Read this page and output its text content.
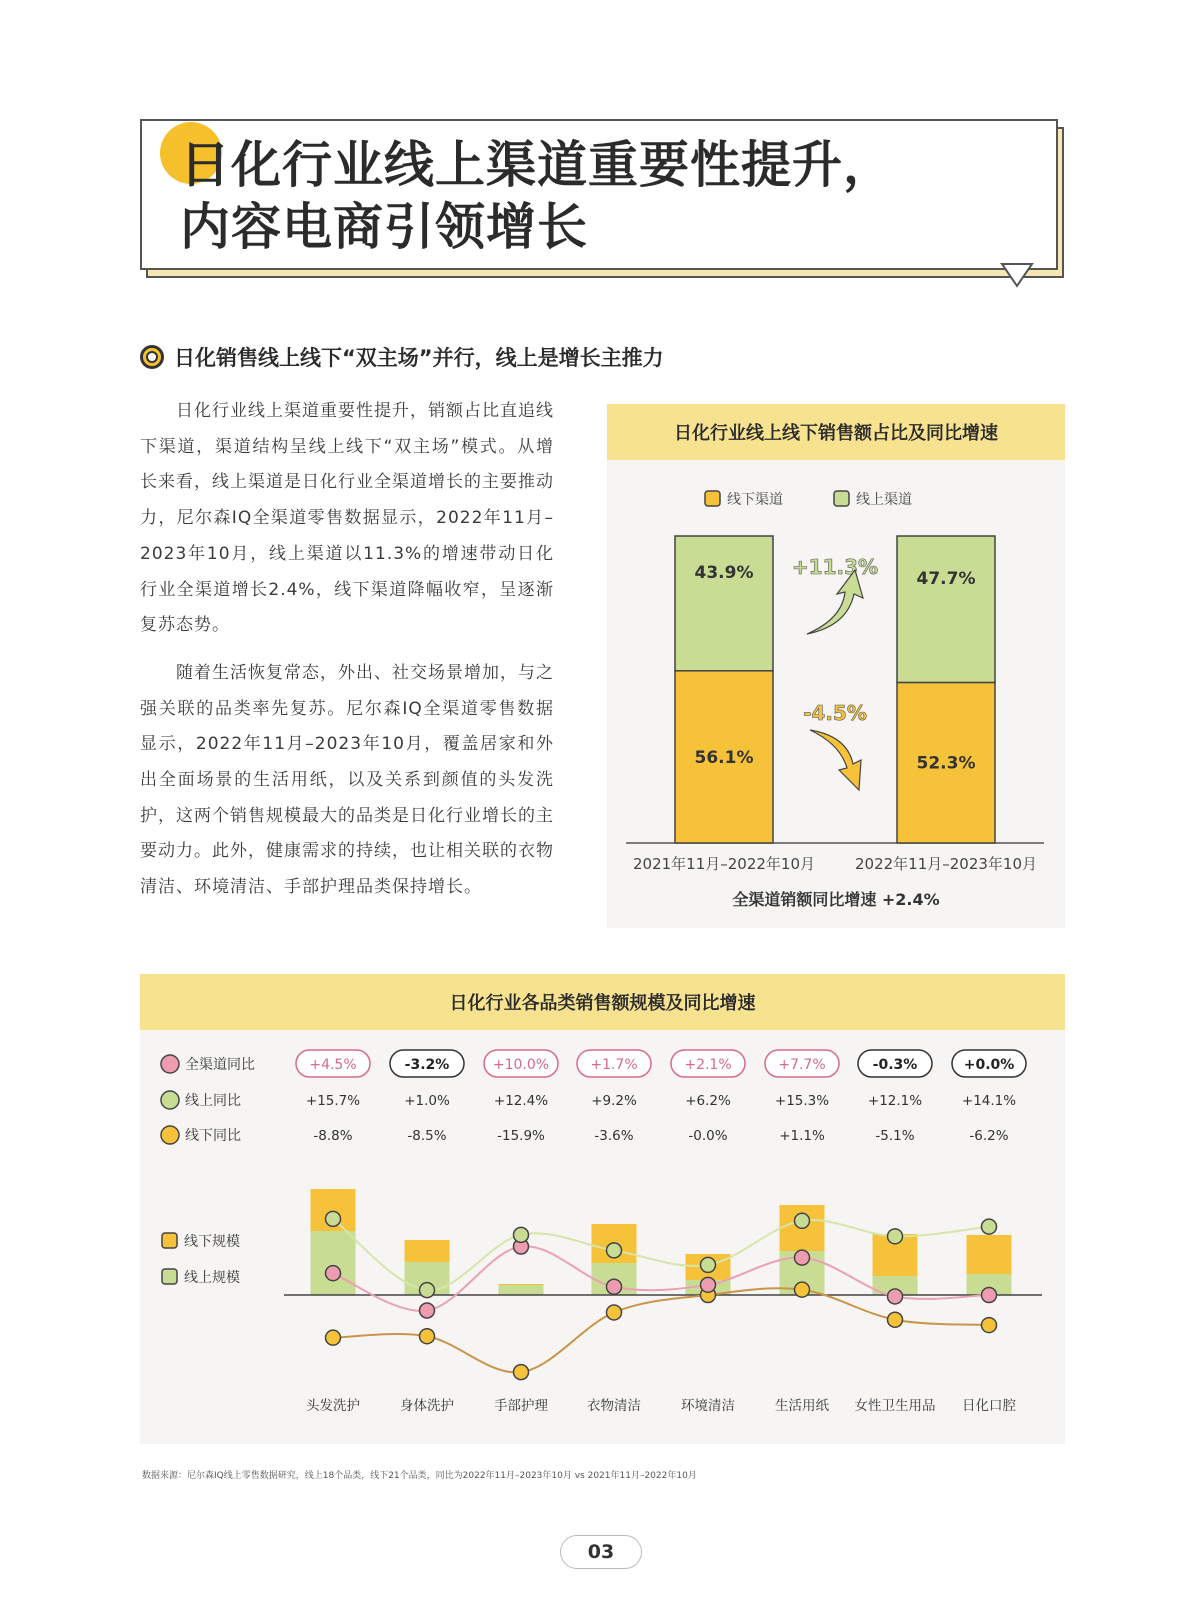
日化行业线上渠道重要性提升，
内容电商引领增长
日化销售线上线下“双主场”并行，线上是增长主推力

日化行业线上渠道重要性提升，销额占比直追线下渠道，渠道结构呈线上线下“双主场”模式。从增长来看，线上渠道是日化行业全渠道增长的主要推动力，尼尔森IQ全渠道零售数据显示，2022年11月–2023年10月，线上渠道以11.3%的增速带动日化行业全渠道增长2.4%，线下渠道降幅收窄，呈逐渐复苏态势。

随着生活恢复常态，外出、社交场景增加，与之强关联的品类率先复苏。尼尔森IQ全渠道零售数据显示，2022年11月–2023年10月，覆盖居家和外出全面场景的生活用纸，以及关系到颜值的头发洗护，这两个销售规模最大的品类是日化行业增长的主要动力。此外，健康需求的持续，也让相关联的衣物清洁、环境清洁、手部护理品类保持增长。

日化行业线上线下销售额占比及同比增速
线下渠道	线上渠道
56.1%
43.9%
2021年11月–2022年10月
52.3%
47.7%
2022年11月–2023年10月
+11.3%
-4.5%
全渠道销额同比增速 +2.4%
日化行业各品类销售额规模及同比增速
全渠道同比	+4.5%	-3.2%	+10.0%	+1.7%	+2.1%	+7.7%	-0.3%	+0.0%
线上同比	+15.7%	+1.0%	+12.4%	+9.2%	+6.2%	+15.3%	+12.1%	+14.1%
线下同比	-8.8%	-8.5%	-15.9%	-3.6%	-0.0%	+1.1%	-5.1%	-6.2%
线下规模
线上规模
头发洗护	身体洗护	手部护理	衣物清洁	环境清洁	生活用纸 女性卫生用品 日化口腔
数据来源：尼尔森IQ线上零售数据研究，线上18个品类，线下21个品类，同比为2022年11月–2023年10月 vs 2021年11月–2022年10月
03
